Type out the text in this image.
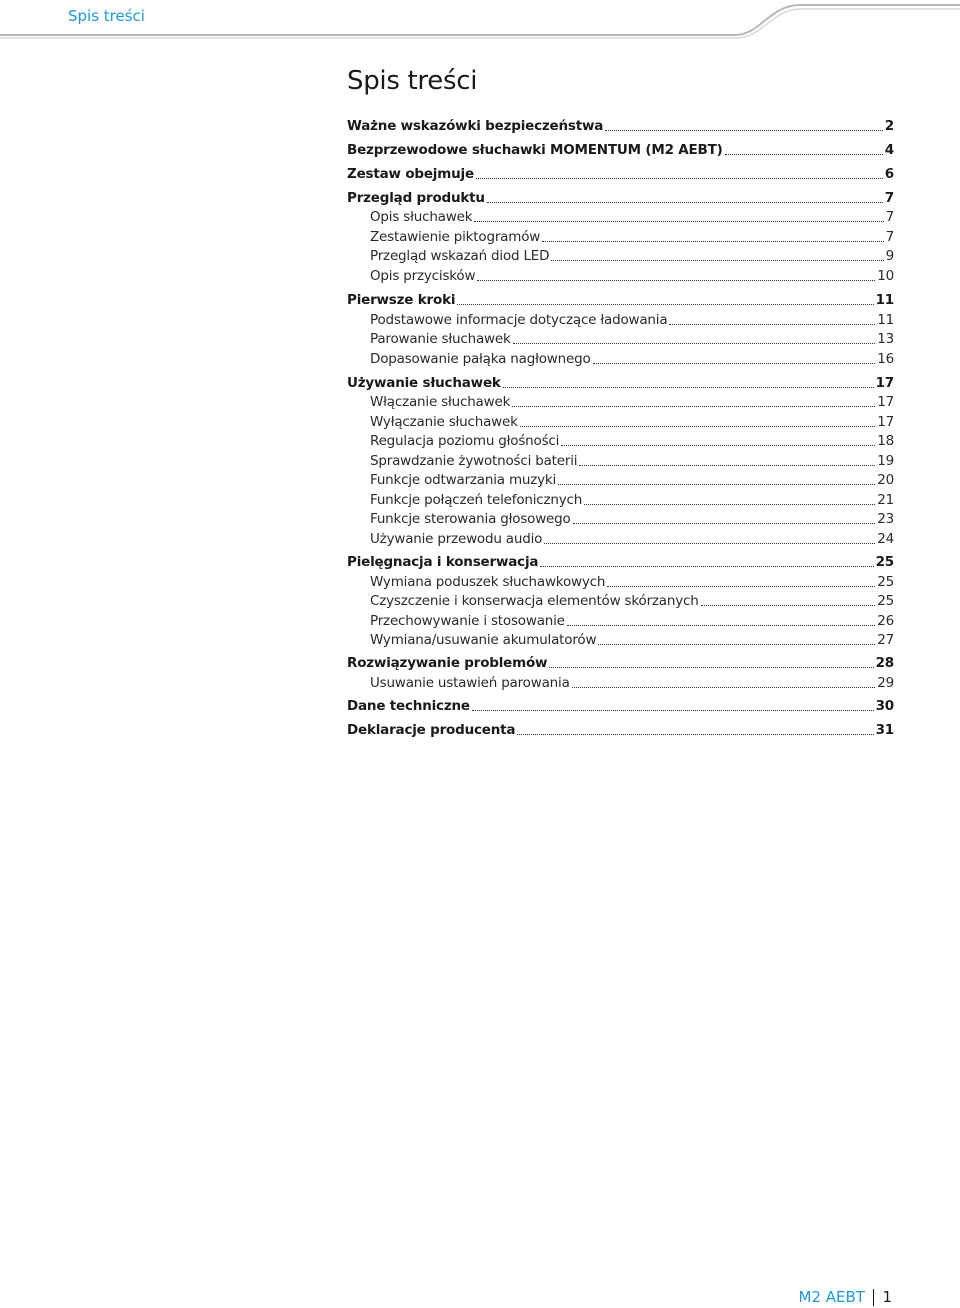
Spis treści
Spis treści
Ważne wskazówki bezpieczeństwa	2
Bezprzewodowe słuchawki MOMENTUM (M2 AEBT)	4
Zestaw obejmuje	6
Przegląd produktu	7
Opis słuchawek	7
Zestawienie piktogramów	7
Przegląd wskazań diod LED	9
Opis przycisków	10
Pierwsze kroki	11
Podstawowe informacje dotyczące ładowania	11
Parowanie słuchawek	13
Dopasowanie pałąka nagłownego	16
Używanie słuchawek	17
Włączanie słuchawek	17
Wyłączanie słuchawek	17
Regulacja poziomu głośności	18
Sprawdzanie żywotności baterii	19
Funkcje odtwarzania muzyki	20
Funkcje połączeń telefonicznych	21
Funkcje sterowania głosowego	23
Używanie przewodu audio	24
Pielęgnacja i konserwacja	25
Wymiana poduszek słuchawkowych	25
Czyszczenie i konserwacja elementów skórzanych	25
Przechowywanie i stosowanie	26
Wymiana/usuwanie akumulatorów	27
Rozwiązywanie problemów	28
Usuwanie ustawień parowania	29
Dane techniczne	30
Deklaracje producenta	31
M2 AEBT 1
